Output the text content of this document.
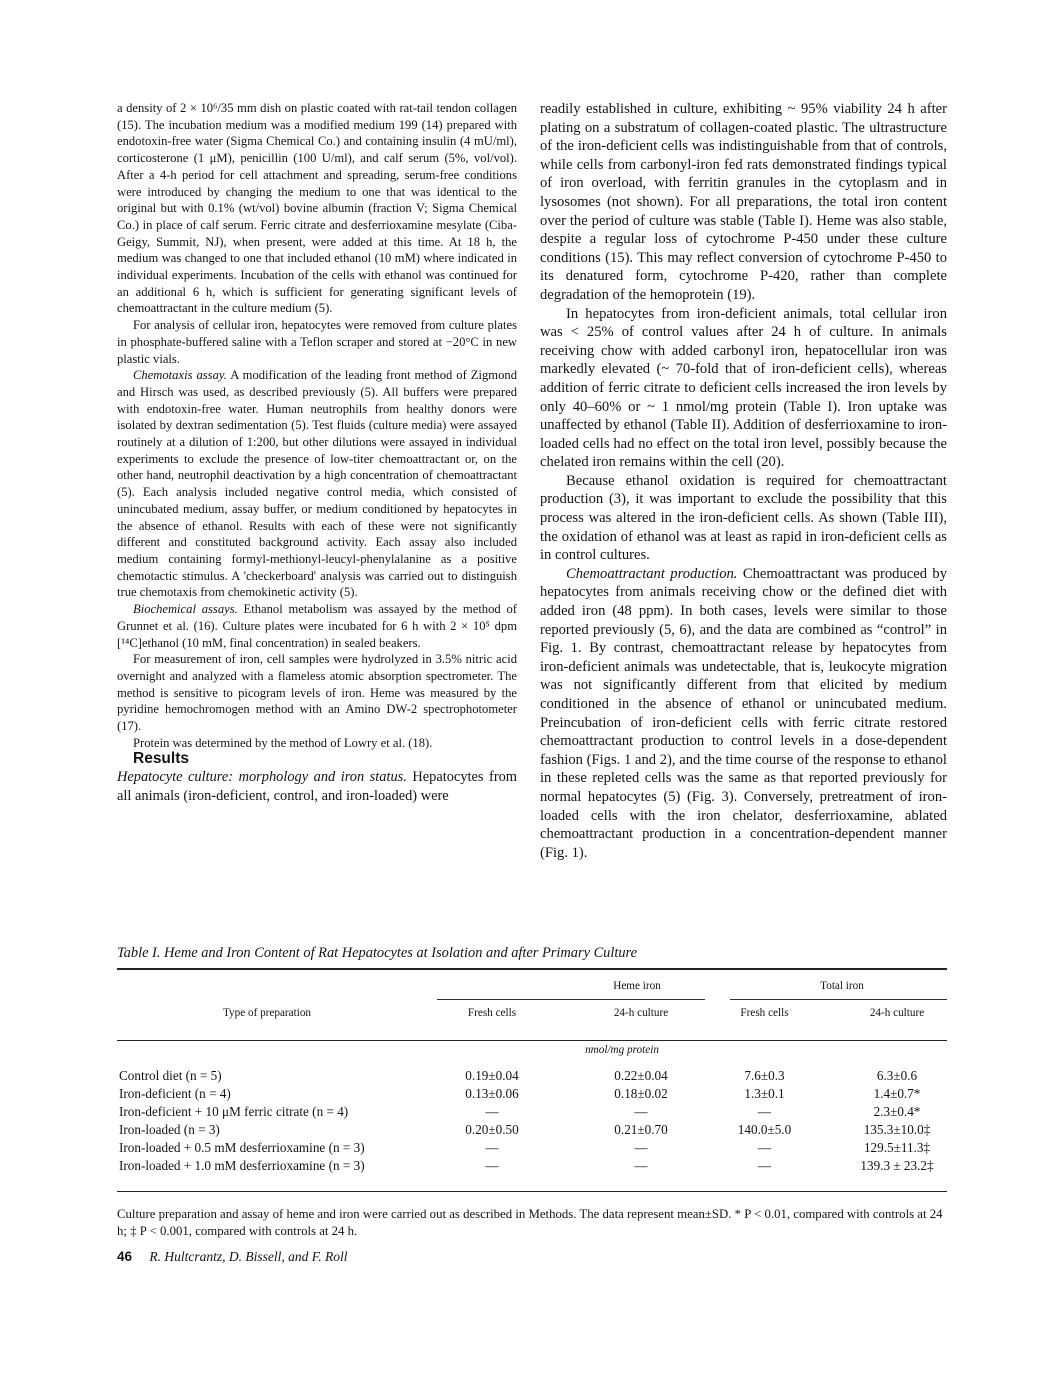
a density of 2 × 10⁶/35 mm dish on plastic coated with rat-tail tendon collagen (15). The incubation medium was a modified medium 199 (14) prepared with endotoxin-free water (Sigma Chemical Co.) and containing insulin (4 mU/ml), corticosterone (1 μM), penicillin (100 U/ml), and calf serum (5%, vol/vol). After a 4-h period for cell attachment and spreading, serum-free conditions were introduced by changing the medium to one that was identical to the original but with 0.1% (wt/vol) bovine albumin (fraction V; Sigma Chemical Co.) in place of calf serum. Ferric citrate and desferrioxamine mesylate (Ciba-Geigy, Summit, NJ), when present, were added at this time. At 18 h, the medium was changed to one that included ethanol (10 mM) where indicated in individual experiments. Incubation of the cells with ethanol was continued for an additional 6 h, which is sufficient for generating significant levels of chemoattractant in the culture medium (5).

For analysis of cellular iron, hepatocytes were removed from culture plates in phosphate-buffered saline with a Teflon scraper and stored at −20°C in new plastic vials.

Chemotaxis assay. A modification of the leading front method of Zigmond and Hirsch was used, as described previously (5). All buffers were prepared with endotoxin-free water. Human neutrophils from healthy donors were isolated by dextran sedimentation (5). Test fluids (culture media) were assayed routinely at a dilution of 1:200, but other dilutions were assayed in individual experiments to exclude the presence of low-titer chemoattractant or, on the other hand, neutrophil deactivation by a high concentration of chemoattractant (5). Each analysis included negative control media, which consisted of unincubated medium, assay buffer, or medium conditioned by hepatocytes in the absence of ethanol. Results with each of these were not significantly different and constituted background activity. Each assay also included medium containing formyl-methionyl-leucyl-phenylalanine as a positive chemotactic stimulus. A 'checkerboard' analysis was carried out to distinguish true chemotaxis from chemokinetic activity (5).

Biochemical assays. Ethanol metabolism was assayed by the method of Grunnet et al. (16). Culture plates were incubated for 6 h with 2 × 10⁵ dpm [¹⁴C]ethanol (10 mM, final concentration) in sealed beakers.

For measurement of iron, cell samples were hydrolyzed in 3.5% nitric acid overnight and analyzed with a flameless atomic absorption spectrometer. The method is sensitive to picogram levels of iron. Heme was measured by the pyridine hemochromogen method with an Amino DW-2 spectrophotometer (17).

Protein was determined by the method of Lowry et al. (18).

Results

Hepatocyte culture: morphology and iron status. Hepatocytes from all animals (iron-deficient, control, and iron-loaded) were

readily established in culture, exhibiting ~ 95% viability 24 h after plating on a substratum of collagen-coated plastic. The ultrastructure of the iron-deficient cells was indistinguishable from that of controls, while cells from carbonyl-iron fed rats demonstrated findings typical of iron overload, with ferritin granules in the cytoplasm and in lysosomes (not shown). For all preparations, the total iron content over the period of culture was stable (Table I). Heme was also stable, despite a regular loss of cytochrome P-450 under these culture conditions (15). This may reflect conversion of cytochrome P-450 to its denatured form, cytochrome P-420, rather than complete degradation of the hemoprotein (19).

In hepatocytes from iron-deficient animals, total cellular iron was < 25% of control values after 24 h of culture. In animals receiving chow with added carbonyl iron, hepatocellular iron was markedly elevated (~ 70-fold that of iron-deficient cells), whereas addition of ferric citrate to deficient cells increased the iron levels by only 40–60% or ~ 1 nmol/mg protein (Table I). Iron uptake was unaffected by ethanol (Table II). Addition of desferrioxamine to iron-loaded cells had no effect on the total iron level, possibly because the chelated iron remains within the cell (20).

Because ethanol oxidation is required for chemoattractant production (3), it was important to exclude the possibility that this process was altered in the iron-deficient cells. As shown (Table III), the oxidation of ethanol was at least as rapid in iron-deficient cells as in control cultures.

Chemoattractant production. Chemoattractant was produced by hepatocytes from animals receiving chow or the defined diet with added iron (48 ppm). In both cases, levels were similar to those reported previously (5, 6), and the data are combined as “control” in Fig. 1. By contrast, chemoattractant release by hepatocytes from iron-deficient animals was undetectable, that is, leukocyte migration was not significantly different from that elicited by medium conditioned in the absence of ethanol or unincubated medium. Preincubation of iron-deficient cells with ferric citrate restored chemoattractant production to control levels in a dose-dependent fashion (Figs. 1 and 2), and the time course of the response to ethanol in these repleted cells was the same as that reported previously for normal hepatocytes (5) (Fig. 3). Conversely, pretreatment of iron-loaded cells with the iron chelator, desferrioxamine, ablated chemoattractant production in a concentration-dependent manner (Fig. 1).

Table I. Heme and Iron Content of Rat Hepatocytes at Isolation and after Primary Culture
Heme iron	Total iron
Type of preparation	Fresh cells	24-h culture	Fresh cells	24-h culture
nmol/mg protein
Control diet (n = 5)	0.19±0.04	0.22±0.04	7.6±0.3	6.3±0.6
Iron-deficient (n = 4)	0.13±0.06	0.18±0.02	1.3±0.1	1.4±0.7*
Iron-deficient + 10 μM ferric citrate (n = 4)	—	—	—	2.3±0.4*
Iron-loaded (n = 3)	0.20±0.50	0.21±0.70	140.0±5.0	135.3±10.0‡
Iron-loaded + 0.5 mM desferrioxamine (n = 3)	—	—	—	129.5±11.3‡
Iron-loaded + 1.0 mM desferrioxamine (n = 3)	—	—	—	139.3 ± 23.2‡
Culture preparation and assay of heme and iron were carried out as described in Methods. The data represent mean±SD. * P < 0.01, compared with controls at 24 h; ‡ P < 0.001, compared with controls at 24 h.
46 R. Hultcrantz, D. Bissell, and F. Roll
